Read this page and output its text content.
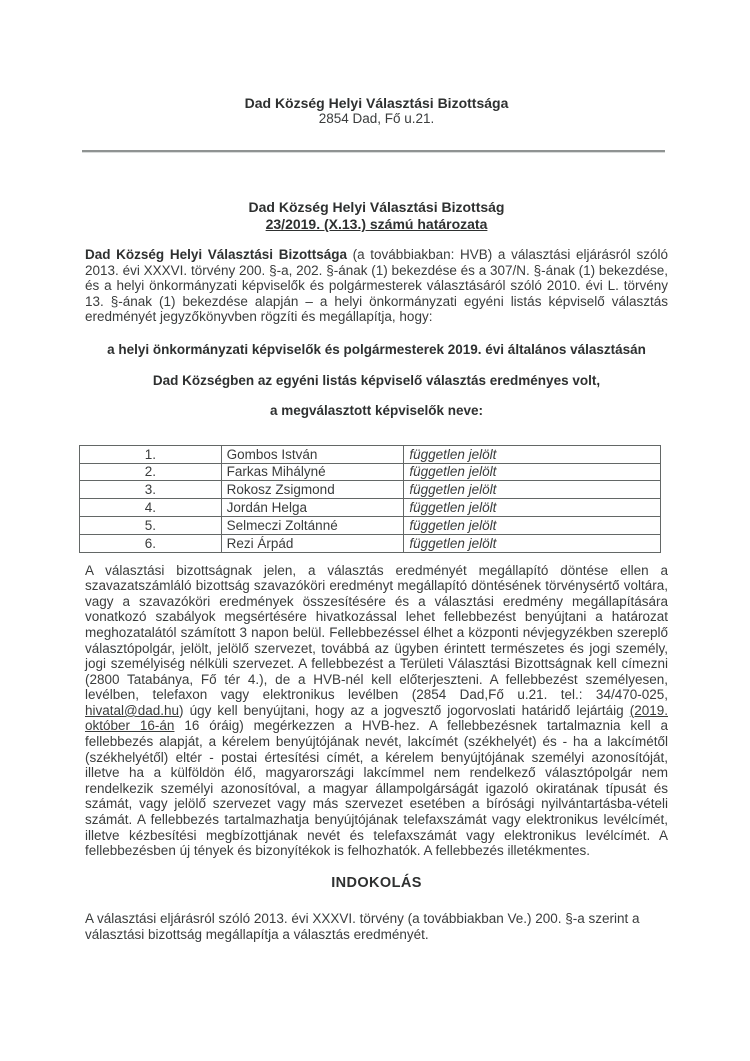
Dad Község Helyi Választási Bizottsága
2854 Dad, Fő u.21.
Dad Község Helyi Választási Bizottság
23/2019. (X.13.) számú határozata

Dad Község Helyi Választási Bizottsága (a továbbiakban: HVB) a választási eljárásról szóló 2013. évi XXXVI. törvény 200. §-a, 202. §-ának (1) bekezdése és a 307/N. §-ának (1) bekezdése, és a helyi önkormányzati képviselők és polgármesterek választásáról szóló 2010. évi L. törvény 13. §-ának (1) bekezdése alapján – a helyi önkormányzati egyéni listás képviselő választás eredményét jegyzőkönyvben rögzíti és megállapítja, hogy:

a helyi önkormányzati képviselők és polgármesterek 2019. évi általános választásán

Dad Községben az egyéni listás képviselő választás eredményes volt,

a megválasztott képviselők neve:

1.	Gombos István	független jelölt
2.	Farkas Mihályné	független jelölt
3.	Rokosz Zsigmond	független jelölt
4.	Jordán Helga	független jelölt
5.	Selmeczi Zoltánné	független jelölt
6.	Rezi Árpád	független jelölt

A választási bizottságnak jelen, a választás eredményét megállapító döntése ellen a szavazatszámláló bizottság szavazóköri eredményt megállapító döntésének törvénysértő voltára, vagy a szavazóköri eredmények összesítésére és a választási eredmény megállapítására vonatkozó szabályok megsértésére hivatkozással lehet fellebbezést benyújtani a határozat meghozatalától számított 3 napon belül. Fellebbezéssel élhet a központi névjegyzékben szereplő választópolgár, jelölt, jelölő szervezet, továbbá az ügyben érintett természetes és jogi személy, jogi személyiség nélküli szervezet. A fellebbezést a Területi Választási Bizottságnak kell címezni (2800 Tatabánya, Fő tér 4.), de a HVB-nél kell előterjeszteni. A fellebbezést személyesen, levélben, telefaxon vagy elektronikus levélben (2854 Dad,Fő u.21. tel.: 34/470-025, hivatal@dad.hu) úgy kell benyújtani, hogy az a jogvesztő jogorvoslati határidő lejártáig (2019. október 16-án 16 óráig) megérkezzen a HVB-hez. A fellebbezésnek tartalmaznia kell a fellebbezés alapját, a kérelem benyújtójának nevét, lakcímét (székhelyét) és - ha a lakcímétől (székhelyétől) eltér - postai értesítési címét, a kérelem benyújtójának személyi azonosítóját, illetve ha a külföldön élő, magyarországi lakcímmel nem rendelkező választópolgár nem rendelkezik személyi azonosítóval, a magyar állampolgárságát igazoló okiratának típusát és számát, vagy jelölő szervezet vagy más szervezet esetében a bírósági nyilvántartásba-vételi számát. A fellebbezés tartalmazhatja benyújtójának telefaxszámát vagy elektronikus levélcímét, illetve kézbesítési megbízottjának nevét és telefaxszámát vagy elektronikus levélcímét. A fellebbezésben új tények és bizonyítékok is felhozhatók. A fellebbezés illetékmentes.

INDOKOLÁS

A választási eljárásról szóló 2013. évi XXXVI. törvény (a továbbiakban Ve.) 200. §-a szerint a választási bizottság megállapítja a választás eredményét.
